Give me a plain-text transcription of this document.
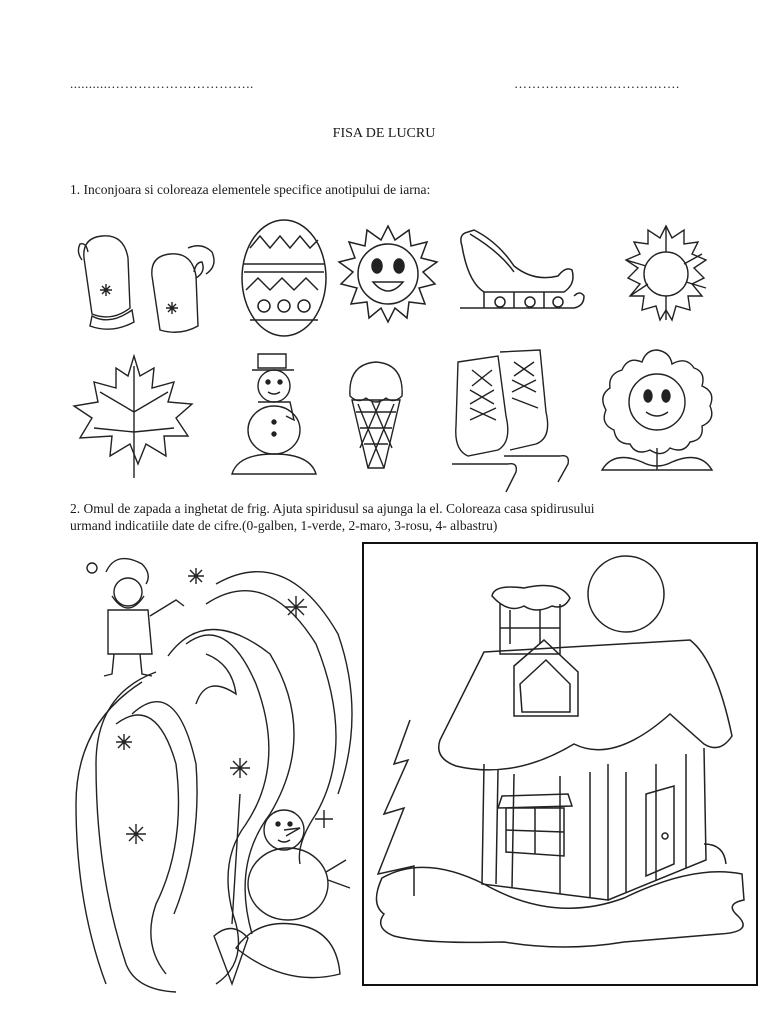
...........…………………………..	……………………………….
FISA DE LUCRU
1. Inconjoara si coloreaza elementele specifice anotipului de iarna:
2. Omul de zapada a inghetat de frig. Ajuta spiridusul sa ajunga la el. Coloreaza casa spidirusului
urmand indicatiile date de cifre.(0-galben, 1-verde, 2-maro, 3-rosu, 4- albastru)
